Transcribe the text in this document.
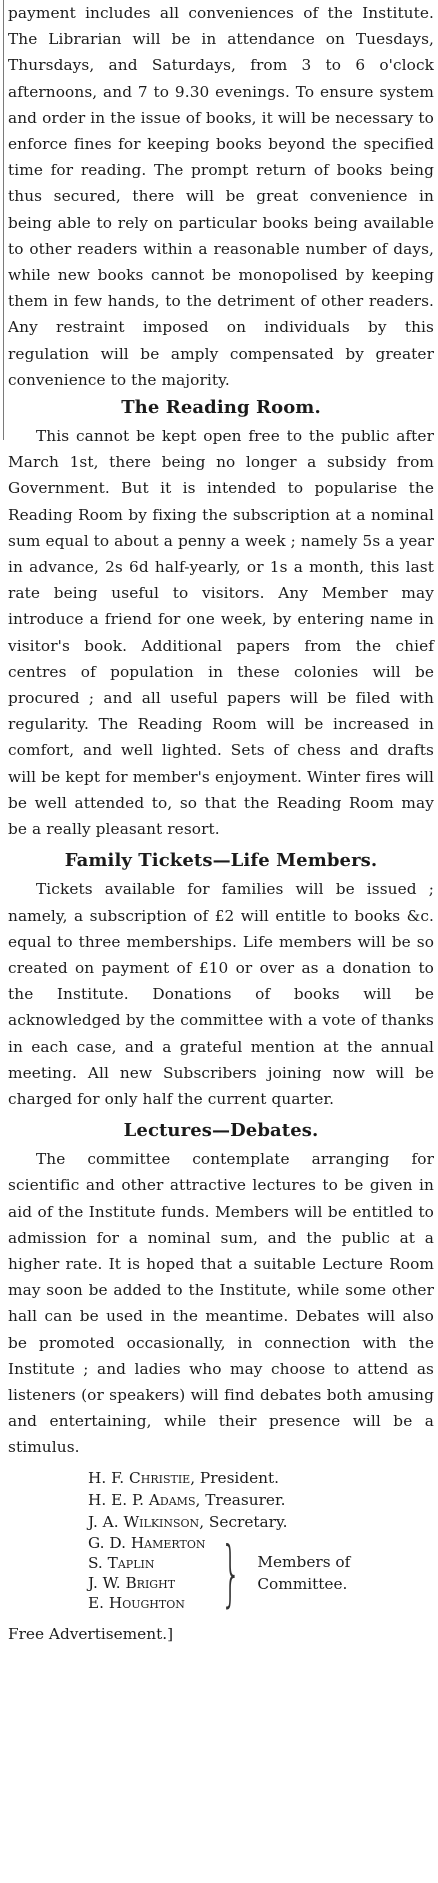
payment includes all conveniences of the Institute. The Librarian will be in attendance on Tuesdays, Thursdays, and Saturdays, from 3 to 6 o'clock afternoons, and 7 to 9.30 evenings. To ensure system and order in the issue of books, it will be necessary to enforce fines for keeping books beyond the specified time for reading. The prompt return of books being thus secured, there will be great convenience in being able to rely on particular books being available to other readers within a reasonable number of days, while new books cannot be monopolised by keeping them in few hands, to the detriment of other readers. Any restraint imposed on individuals by this regulation will be amply compensated by greater convenience to the majority.

The Reading Room.

This cannot be kept open free to the public after March 1st, there being no longer a subsidy from Government. But it is intended to popularise the Reading Room by fixing the subscription at a nominal sum equal to about a penny a week ; namely 5s a year in advance, 2s 6d half-yearly, or 1s a month, this last rate being useful to visitors. Any Member may introduce a friend for one week, by entering name in visitor's book. Additional papers from the chief centres of population in these colonies will be procured ; and all useful papers will be filed with regularity. The Reading Room will be increased in comfort, and well lighted. Sets of chess and drafts will be kept for member's enjoyment. Winter fires will be well attended to, so that the Reading Room may be a really pleasant resort.

Family Tickets—Life Members.

Tickets available for families will be issued ; namely, a subscription of £2 will entitle to books &c. equal to three memberships. Life members will be so created on payment of £10 or over as a donation to the Institute. Donations of books will be acknowledged by the committee with a vote of thanks in each case, and a grateful mention at the annual meeting. All new Subscribers joining now will be charged for only half the current quarter.

Lectures—Debates.

The committee contemplate arranging for scientific and other attractive lectures to be given in aid of the Institute funds. Members will be entitled to admission for a nominal sum, and the public at a higher rate. It is hoped that a suitable Lecture Room may soon be added to the Institute, while some other hall can be used in the meantime. Debates will also be promoted occasionally, in connection with the Institute ; and ladies who may choose to attend as listeners (or speakers) will find debates both amusing and entertaining, while their presence will be a stimulus.

H. F. Christie, President.
H. E. P. Adams, Treasurer.
J. A. Wilkinson, Secretary.
G. D. Hamerton
S. Taplin
J. W. Bright
E. Houghton } Members of
Committee.
Free Advertisement.]
